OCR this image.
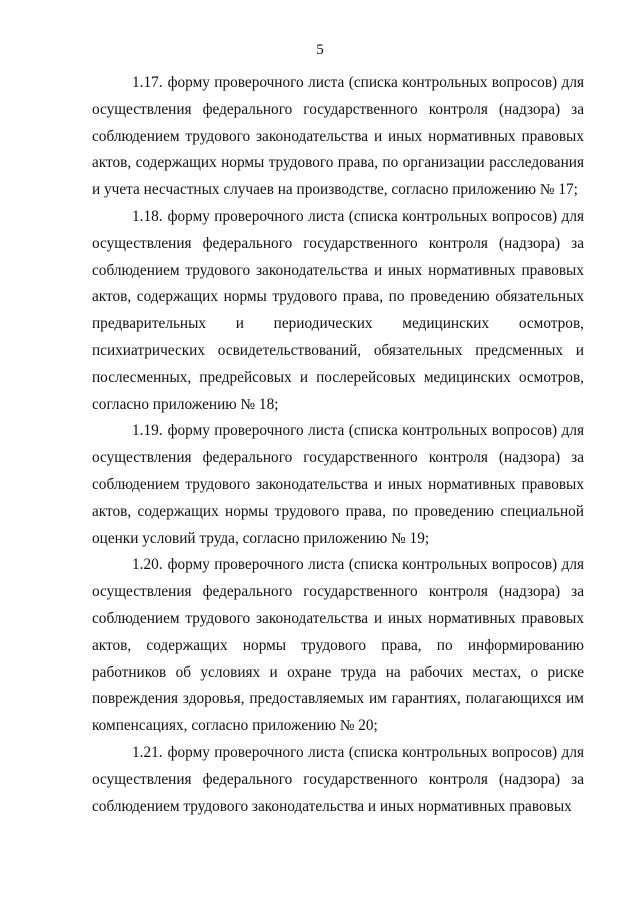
5

1.17. форму проверочного листа (списка контрольных вопросов) для осуществления федерального государственного контроля (надзора) за соблюдением трудового законодательства и иных нормативных правовых актов, содержащих нормы трудового права, по организации расследования и учета несчастных случаев на производстве, согласно приложению № 17;

1.18. форму проверочного листа (списка контрольных вопросов) для осуществления федерального государственного контроля (надзора) за соблюдением трудового законодательства и иных нормативных правовых актов, содержащих нормы трудового права, по проведению обязательных предварительных и периодических медицинских осмотров, психиатрических освидетельствований, обязательных предсменных и послесменных, предрейсовых и послерейсовых медицинских осмотров, согласно приложению № 18;

1.19. форму проверочного листа (списка контрольных вопросов) для осуществления федерального государственного контроля (надзора) за соблюдением трудового законодательства и иных нормативных правовых актов, содержащих нормы трудового права, по проведению специальной оценки условий труда, согласно приложению № 19;

1.20. форму проверочного листа (списка контрольных вопросов) для осуществления федерального государственного контроля (надзора) за соблюдением трудового законодательства и иных нормативных правовых актов, содержащих нормы трудового права, по информированию работников об условиях и охране труда на рабочих местах, о риске повреждения здоровья, предоставляемых им гарантиях, полагающихся им компенсациях, согласно приложению № 20;

1.21. форму проверочного листа (списка контрольных вопросов) для осуществления федерального государственного контроля (надзора) за соблюдением трудового законодательства и иных нормативных правовых
